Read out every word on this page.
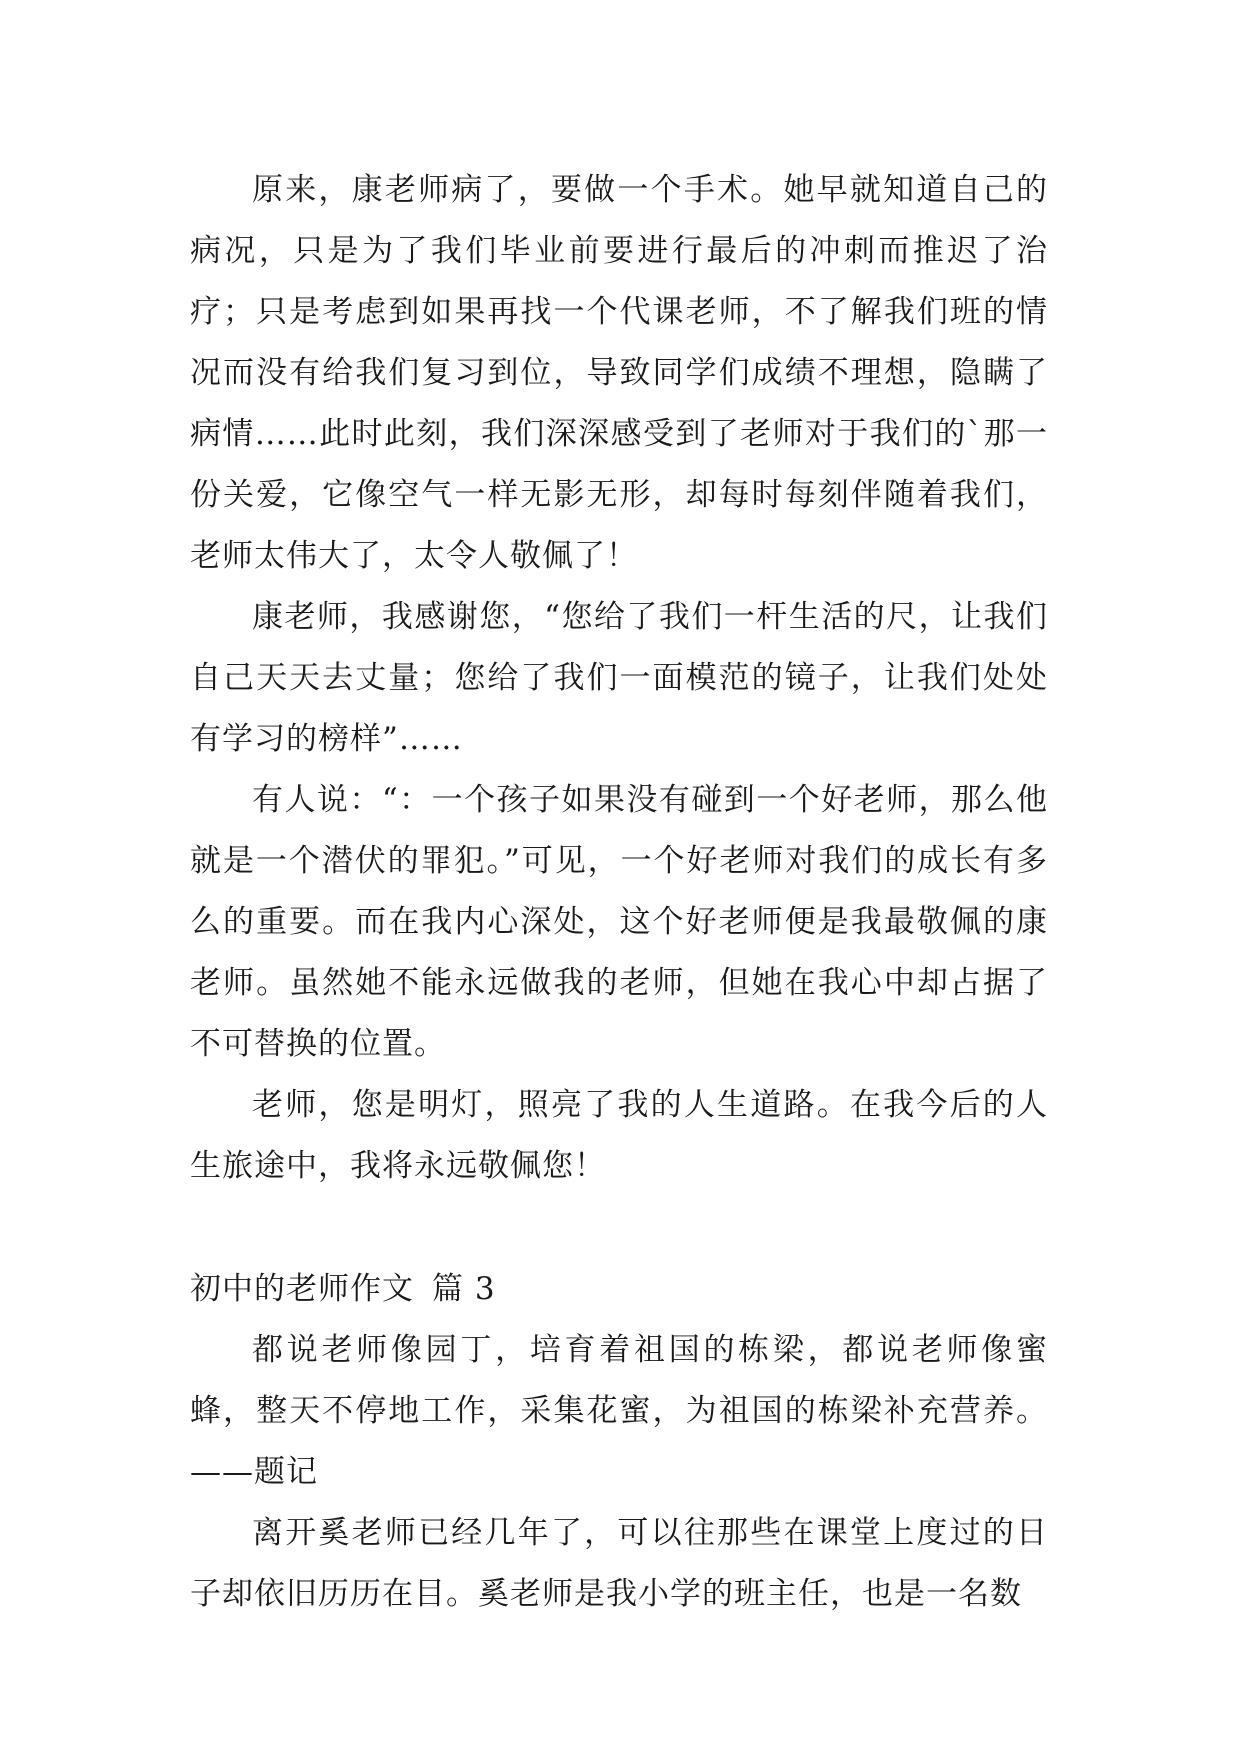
原来，康老师病了，要做一个手术。她早就知道自己的病况，只是为了我们毕业前要进行最后的冲刺而推迟了治疗；只是考虑到如果再找一个代课老师，不了解我们班的情况而没有给我们复习到位，导致同学们成绩不理想，隐瞒了病情……此时此刻，我们深深感受到了老师对于我们的`那一份关爱，它像空气一样无影无形，却每时每刻伴随着我们，老师太伟大了，太令人敬佩了！

康老师，我感谢您，“您给了我们一杆生活的尺，让我们自己天天去丈量；您给了我们一面模范的镜子，让我们处处有学习的榜样”……

有人说：“：一个孩子如果没有碰到一个好老师，那么他就是一个潜伏的罪犯。”可见，一个好老师对我们的成长有多么的重要。而在我内心深处，这个好老师便是我最敬佩的康老师。虽然她不能永远做我的老师，但她在我心中却占据了不可替换的位置。

老师，您是明灯，照亮了我的人生道路。在我今后的人生旅途中，我将永远敬佩您！

初中的老师作文 篇 3

都说老师像园丁，培育着祖国的栋梁，都说老师像蜜蜂，整天不停地工作，采集花蜜，为祖国的栋梁补充营养。——题记

离开奚老师已经几年了，可以往那些在课堂上度过的日子却依旧历历在目。奚老师是我小学的班主任，也是一名数
